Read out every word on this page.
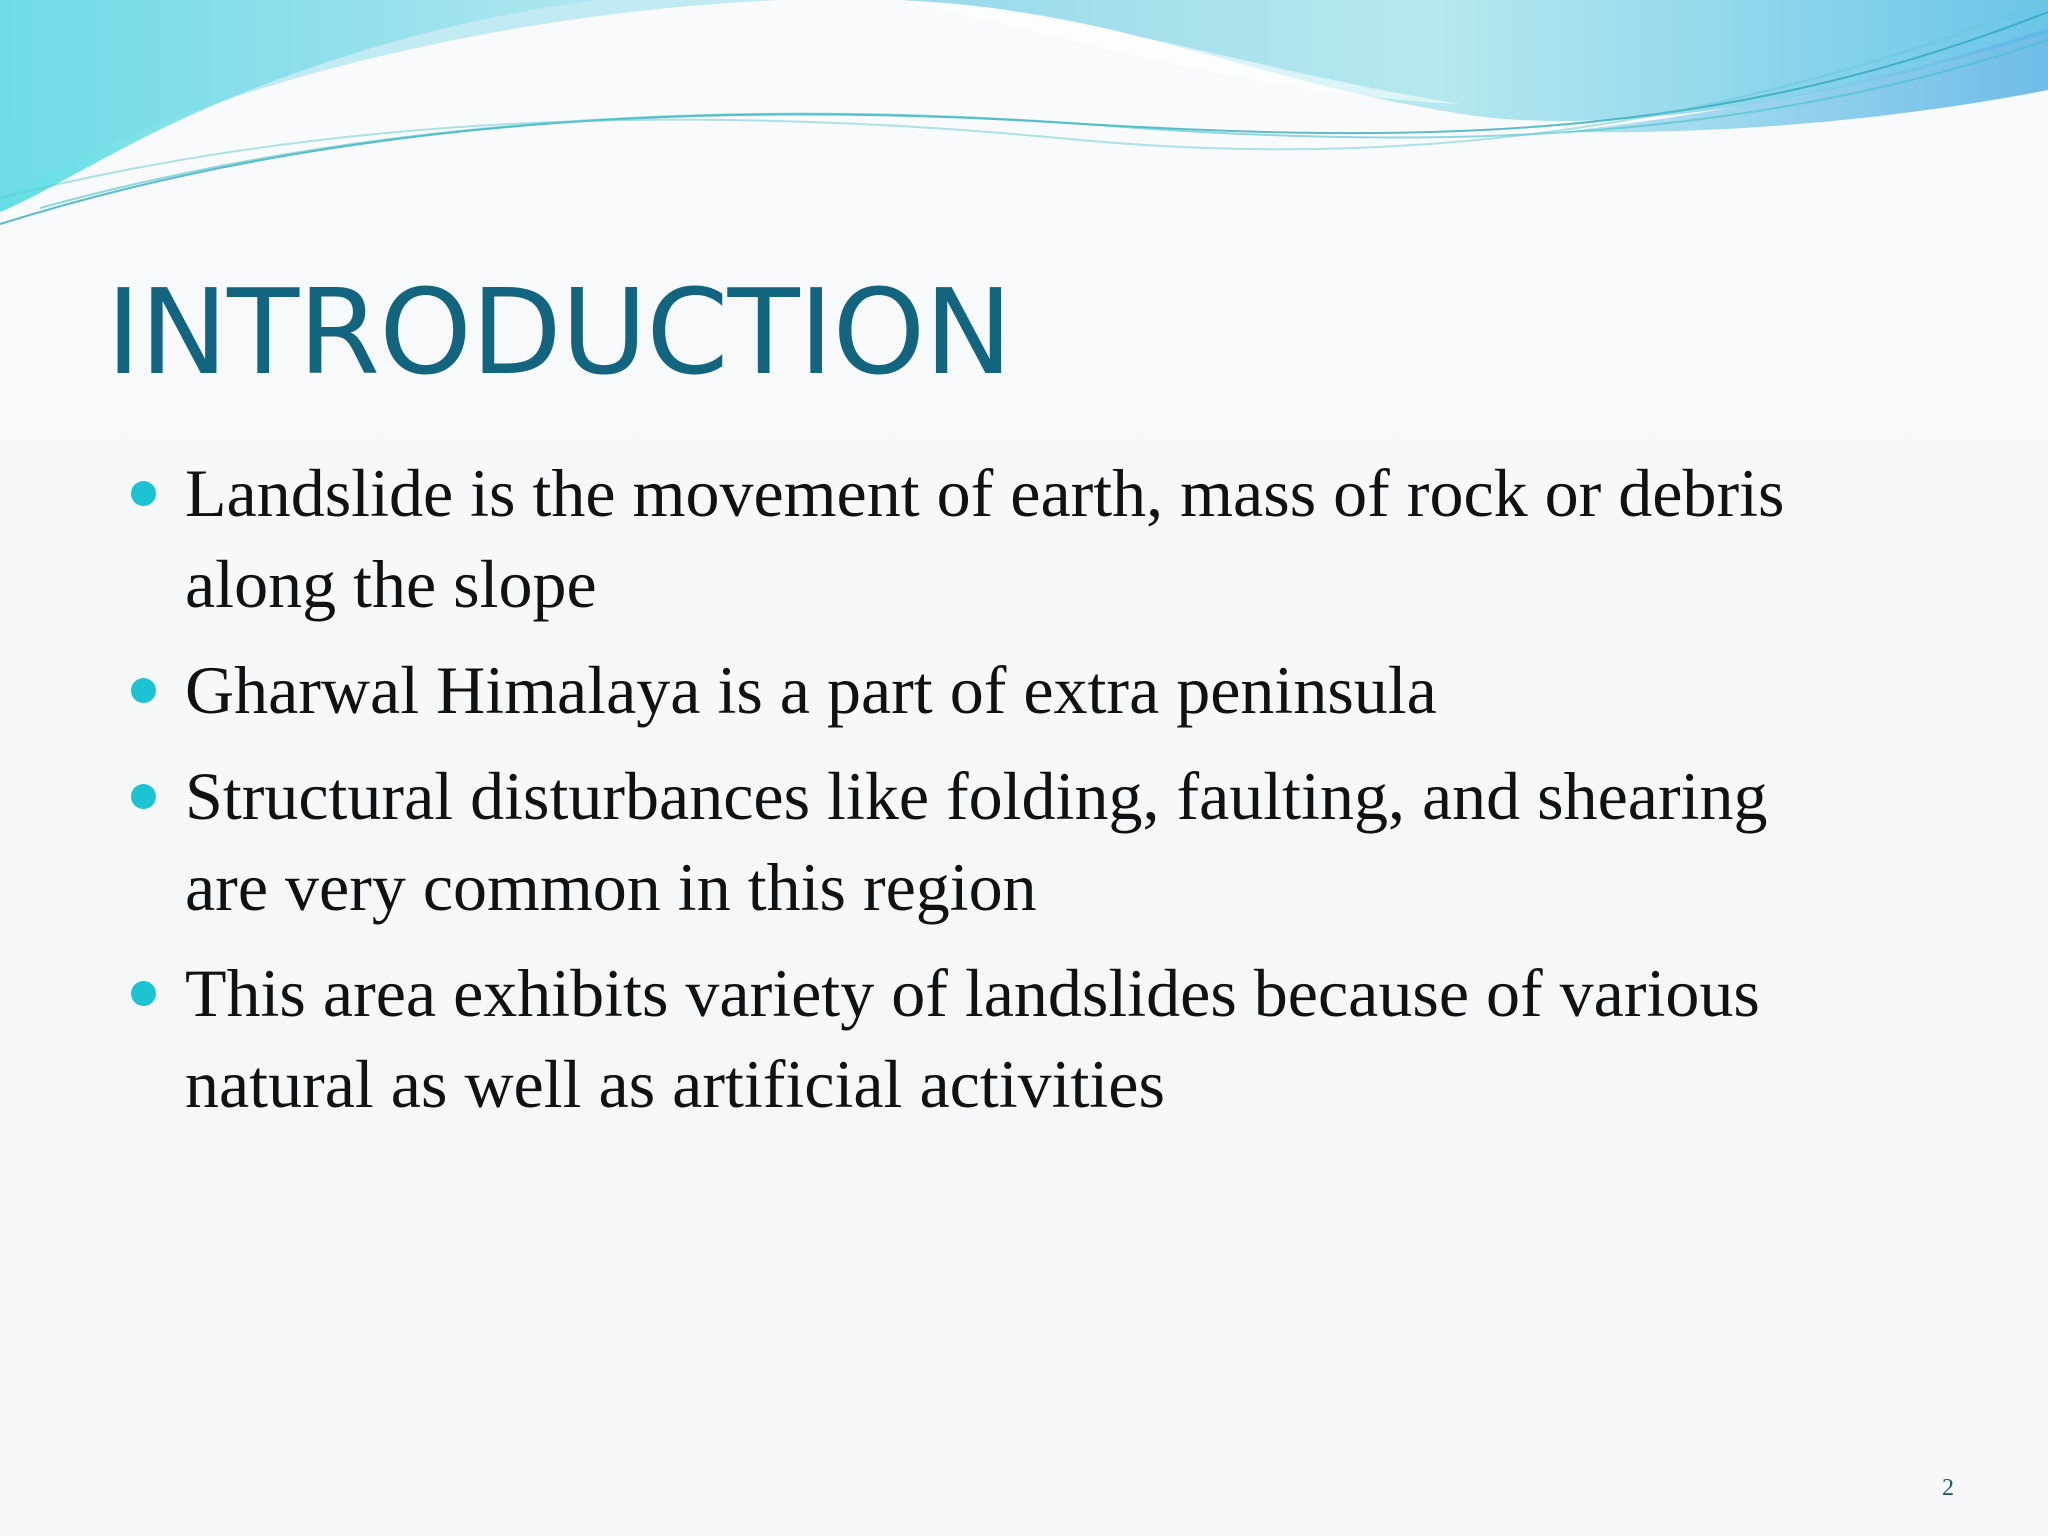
INTRODUCTION
Landslide is the movement of earth, mass of rock or debris
along the slope
Gharwal Himalaya is a part of extra peninsula
Structural disturbances like folding, faulting, and shearing
are very common in this region
This area exhibits variety of landslides because of various
natural as well as artificial activities
2
